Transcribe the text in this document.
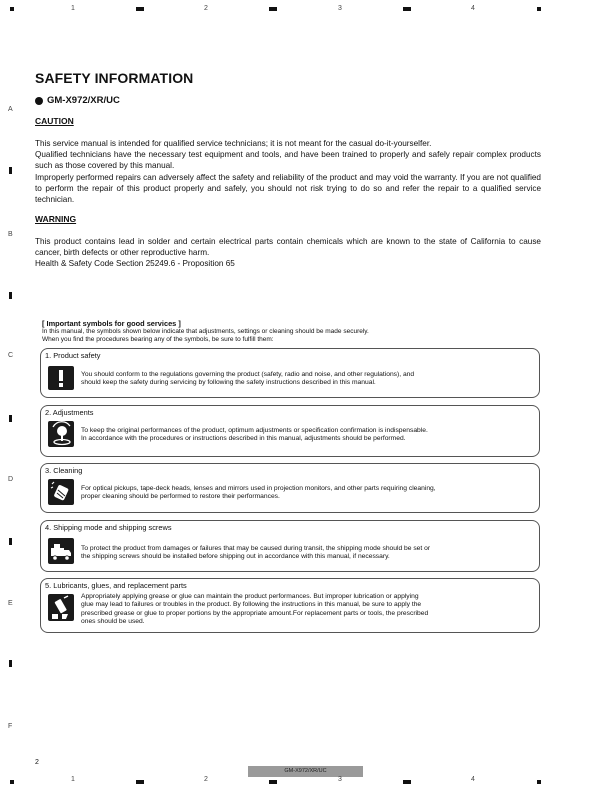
1	2	3	4
A
B
C
D
E
F
SAFETY INFORMATION
GM-X972/XR/UC
CAUTION

This service manual is intended for qualified service technicians; it is not meant for the casual do-it-yourselfer.

Qualified technicians have the necessary test equipment and tools, and have been trained to properly and safely repair complex products such as those covered by this manual.

Improperly performed repairs can adversely affect the safety and reliability of the product and may void the warranty. If you are not qualified to perform the repair of this product properly and safely, you should not risk trying to do so and refer the repair to a qualified service technician.

WARNING

This product contains lead in solder and certain electrical parts contain chemicals which are known to the state of California to cause cancer, birth defects or other reproductive harm.

Health & Safety Code Section 25249.6 - Proposition 65

[ Important symbols for good services ]

In this manual, the symbols shown below indicate that adjustments, settings or cleaning should be made securely.

When you find the procedures bearing any of the symbols, be sure to fulfill them:

1. Product safety

You should conform to the regulations governing the product (safety, radio and noise, and other regulations), and

should keep the safety during servicing by following the safety instructions described in this manual.

2. Adjustments

To keep the original performances of the product, optimum adjustments or specification confirmation is indispensable.

In accordance with the procedures or instructions described in this manual, adjustments should be performed.

3. Cleaning

For optical pickups, tape-deck heads, lenses and mirrors used in projection monitors, and other parts requiring cleaning,

proper cleaning should be performed to restore their performances.

4. Shipping mode and shipping screws

To protect the product from damages or failures that may be caused during transit, the shipping mode should be set or

the shipping screws should be installed before shipping out in accordance with this manual, if necessary.

5. Lubricants, glues, and replacement parts

Appropriately applying grease or glue can maintain the product performances. But improper lubrication or applying

glue may lead to failures or troubles in the product. By following the instructions in this manual, be sure to apply the

prescribed grease or glue to proper portions by the appropriate amount.For replacement parts or tools, the prescribed

ones should be used.

2
GM-X972/XR/UC
1	2	3	4
